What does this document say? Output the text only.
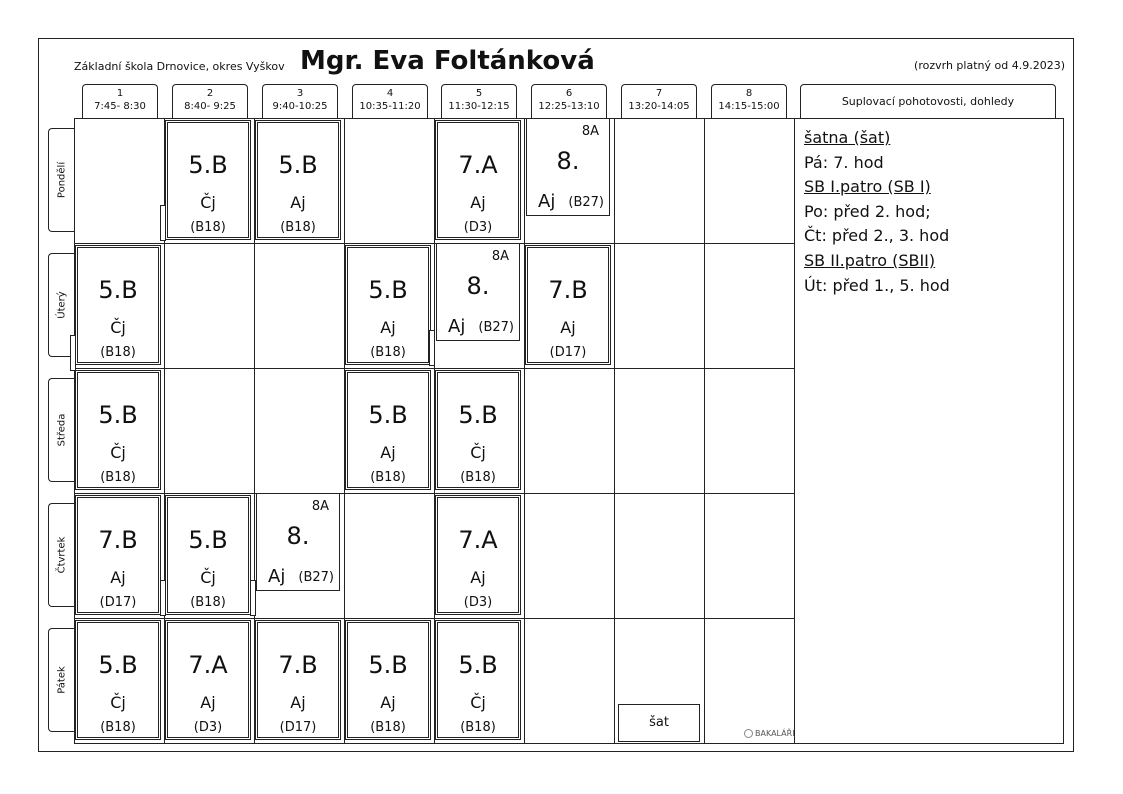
Základní škola Drnovice, okres Vyškov Mgr. Eva Foltánková	(rozvrh platný od 4.9.2023)
1
7:45- 8:30
2
8:40- 9:25
3
9:40-10:25
4
10:35-11:20
5
11:30-12:15
6
12:25-13:10
7
13:20-14:05
8
14:15-15:00	Suplovací pohotovosti, dohledy
Pondělí
Úterý
Středa
Čtvrtek
Pátek
5.B
Čj
(B18)
5.B
Aj
(B18)
7.A
Aj
(D3)
5.B
Čj
(B18)
5.B
Aj
(B18)
7.B
Aj
(D17)
5.B
Čj
(B18)
5.B
Aj
(B18)
5.B
Čj
(B18)
7.B
Aj
(D17)
5.B
Čj
(B18)
7.A
Aj
(D3)
5.B
Čj
(B18)
7.A
Aj
(D3)
7.B
Aj
(D17)
5.B
Aj
(B18)
5.B
Čj
(B18)
8A
8.
Aj (B27)
8A
8.
Aj (B27)
8A
8.
Aj (B27)
šatna (šat)
Pá: 7. hod
SB I.patro (SB I)
Po: před 2. hod;
Čt: před 2., 3. hod
SB II.patro (SBII)
Út: před 1., 5. hod
šat
BAKALÁŘI
